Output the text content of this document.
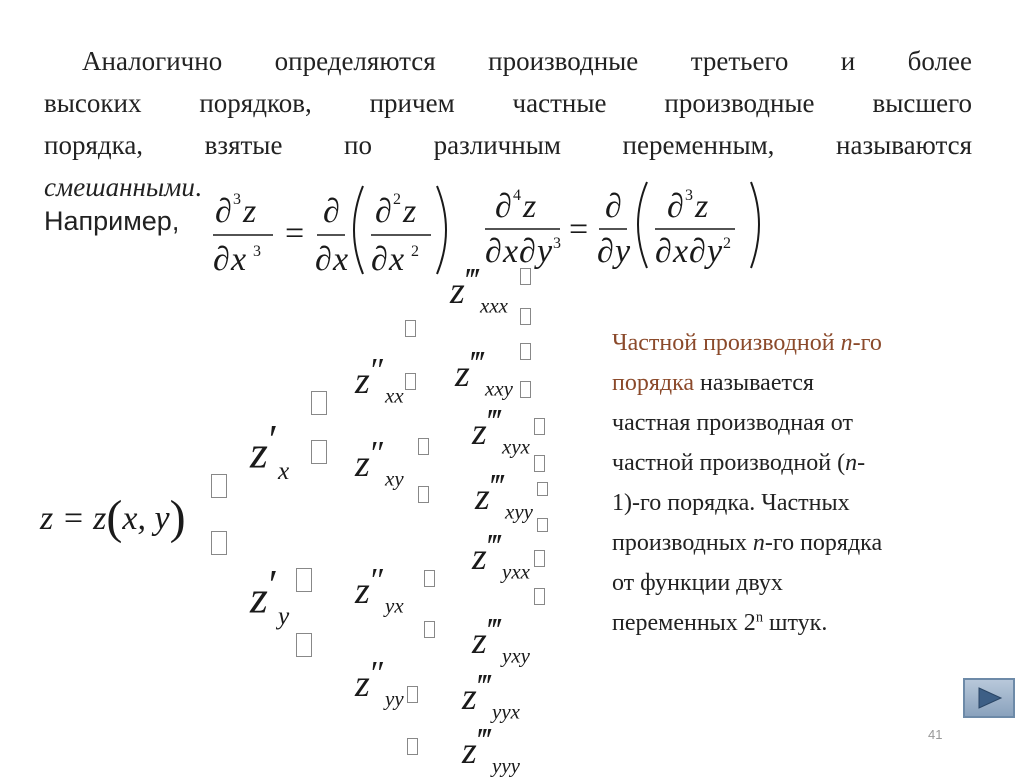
Аналогично определяются производные третьего и более
высоких порядков, причем частные производные высшего
порядка, взятые по различным переменным, называются
смешанными.
Например, ∂ 3 z
∂ x 3 =
∂
∂ x
∂ 2 z
∂ x 2
∂ 4 z
∂ x ∂ y 3 =
∂
∂ y
∂ 3 z
∂ x ∂ y 2
z = z(x, y)
$z'_x$
$z'_y$
$z''_{xx}$
$z''_{xy}$
$z''_{yx}$
$z''_{yy}$
$z‴_{xxx}$
$z‴_{xxy}$
$z‴_{xyx}$
$z‴_{xyy}$
$z‴_{yxx}$
$z‴_{yxy}$
$z‴_{yyx}$
$z‴_{yyy}$
Частной производной n-го
порядка называется
частная производная от
частной производной (n-
1)-го порядка. Частных
производных n-го порядка
от функции двух
переменных 2$^n$ штук.
41
